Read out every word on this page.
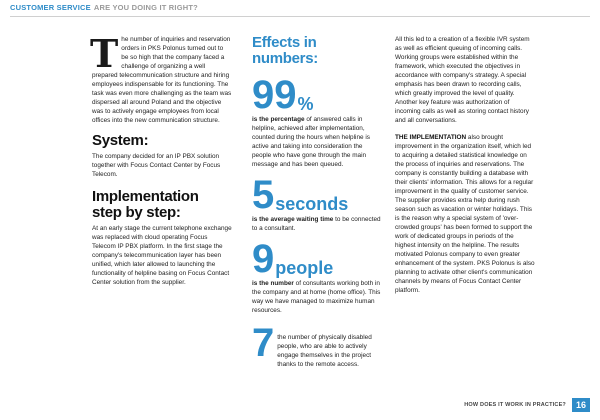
CUSTOMER SERVICE ARE YOU DOING IT RIGHT?
T he number of inquiries and reservation orders in PKS Polonus turned out to be so high that the company faced a challenge of organizing a well prepared telecommunication structure and hiring employees indispensable for its functioning. The task was even more challenging as the team was dispersed all around Poland and the objective was to actively engage employees from local offices into the new communication structure.

System:

The company decided for an IP PBX solution together with Focus Contact Center by Focus Telecom.

Implementation
step by step:

At an early stage the current telephone exchange was replaced with cloud operating Focus Telecom IP PBX platform. In the first stage the company's telecommunication layer has been unified, which later allowed to launching the functionality of helpline basing on Focus Contact Center solution from the supplier.

Effects in numbers:
99 %

is the percentage of answered calls in helpline, achieved after implementation, counted during the hours when helpline is active and taking into consideration the people who have gone through the main message and has been queued.

5 seconds

is the average waiting time to be connected to a consultant.

9 people

is the number of consultants working both in the company and at home (home office). This way we have managed to maximize human resources.

7 the number of physically disabled people, who are able to actively engage themselves in the project thanks to the remote access.

All this led to a creation of a flexible IVR system as well as efficient queuing of incoming calls. Working groups were established within the framework, which executed the objectives in accordance with company's strategy. A special emphasis has been drawn to recording calls, which greatly improved the level of quality. Another key feature was authorization of incoming calls as well as storing contact history and all conversations.

THE IMPLEMENTATION also brought improvement in the organization itself, which led to acquiring a detailed statistical knowledge on the process of inquiries and reservations. The company is constantly building a database with their clients' information. This allows for a regular improvement in the quality of customer service. The supplier provides extra help during rush season such as vacation or winter holidays. This is the reason why a special system of 'over-crowded groups' has been formed to support the work of dedicated groups in periods of the highest intensity on the helpline. The results motivated Polonus company to even greater enhancement of the system. PKS Polonus is also planning to activate other client's communication channels by means of Focus Contact Center platform.

HOW DOES IT WORK IN PRACTICE?	16
